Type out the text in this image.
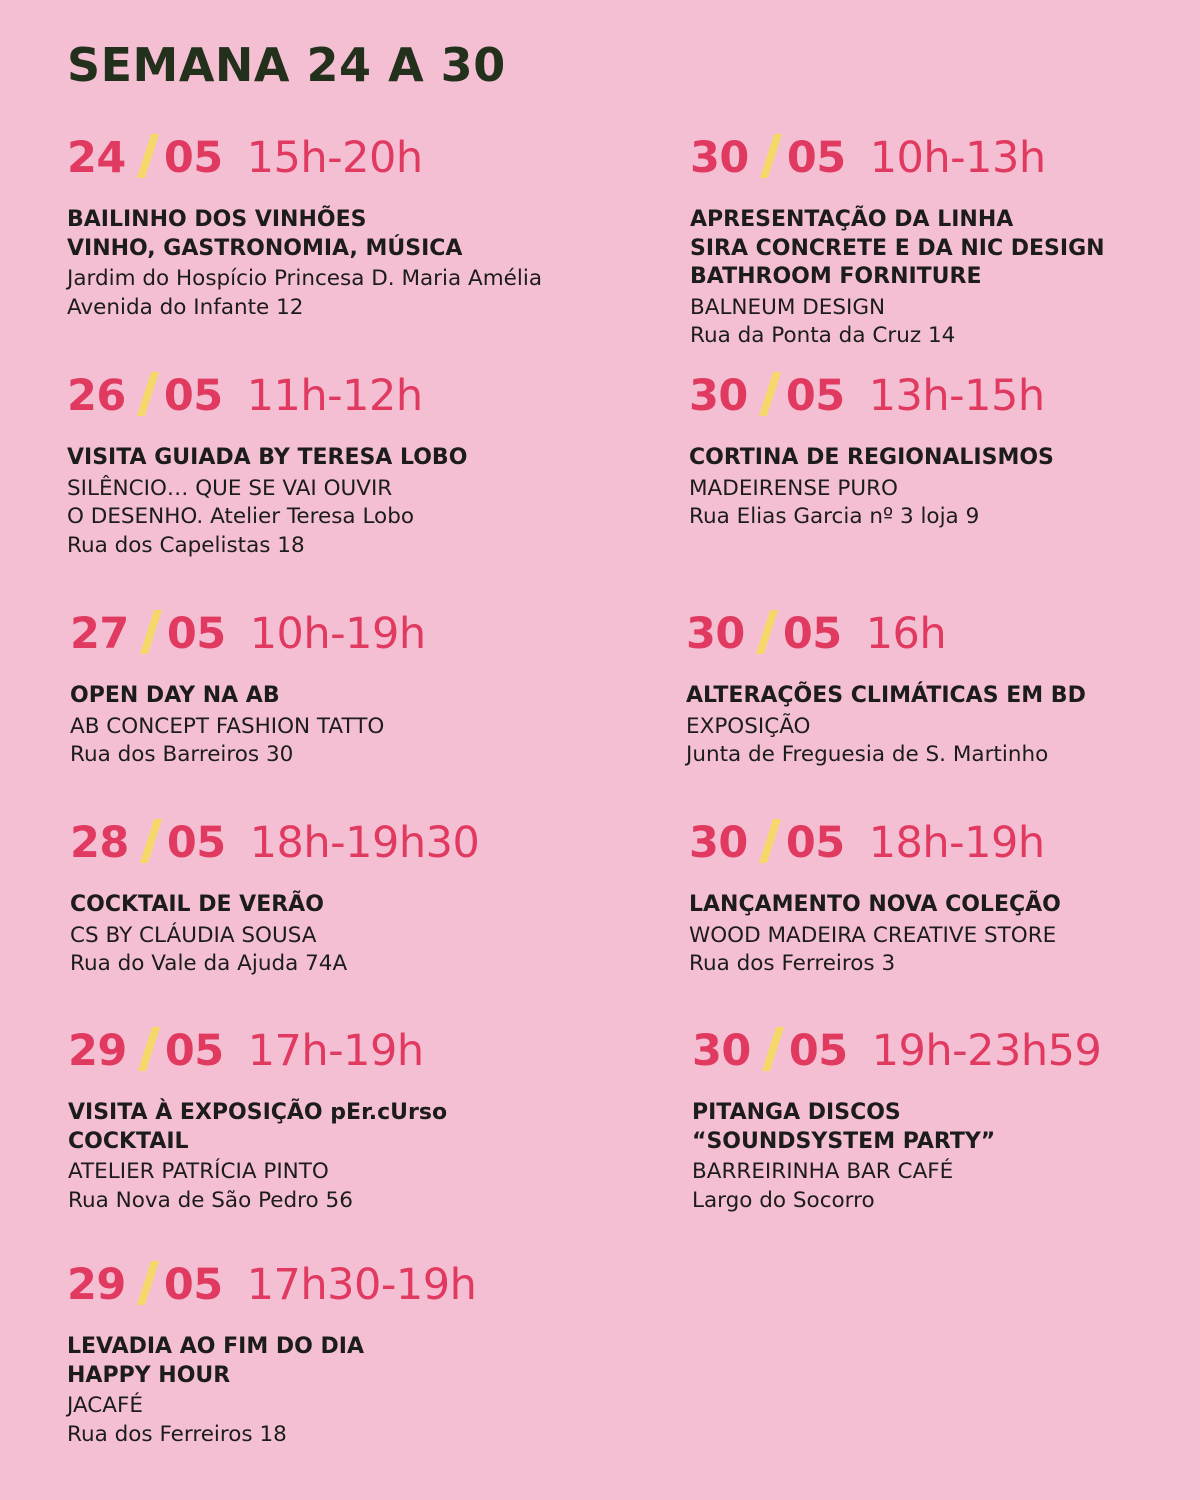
SEMANA 24 A 30
24 05 15h-20h
BAILINHO DOS VINHÕES
VINHO, GASTRONOMIA, MÚSICA
Jardim do Hospício Princesa D. Maria Amélia
Avenida do Infante 12
26 05 11h-12h
VISITA GUIADA BY TERESA LOBO
SILÊNCIO… QUE SE VAI OUVIR
O DESENHO. Atelier Teresa Lobo
Rua dos Capelistas 18
27 05 10h-19h
OPEN DAY NA AB
AB CONCEPT FASHION TATTO
Rua dos Barreiros 30
28 05 18h-19h30
COCKTAIL DE VERÃO
CS BY CLÁUDIA SOUSA
Rua do Vale da Ajuda 74A
29 05 17h-19h
VISITA À EXPOSIÇÃO pEr.cUrso
COCKTAIL
ATELIER PATRÍCIA PINTO
Rua Nova de São Pedro 56
29 05 17h30-19h
LEVADIA AO FIM DO DIA
HAPPY HOUR
JACAFÉ
Rua dos Ferreiros 18
30 05 10h-13h
APRESENTAÇÃO DA LINHA
SIRA CONCRETE E DA NIC DESIGN
BATHROOM FORNITURE
BALNEUM DESIGN
Rua da Ponta da Cruz 14
30 05 13h-15h
CORTINA DE REGIONALISMOS
MADEIRENSE PURO
Rua Elias Garcia nº 3 loja 9
30 05 16h
ALTERAÇÕES CLIMÁTICAS EM BD
EXPOSIÇÃO
Junta de Freguesia de S. Martinho
30 05 18h-19h
LANÇAMENTO NOVA COLEÇÃO
WOOD MADEIRA CREATIVE STORE
Rua dos Ferreiros 3
30 05 19h-23h59
PITANGA DISCOS
“SOUNDSYSTEM PARTY”
BARREIRINHA BAR CAFÉ
Largo do Socorro
